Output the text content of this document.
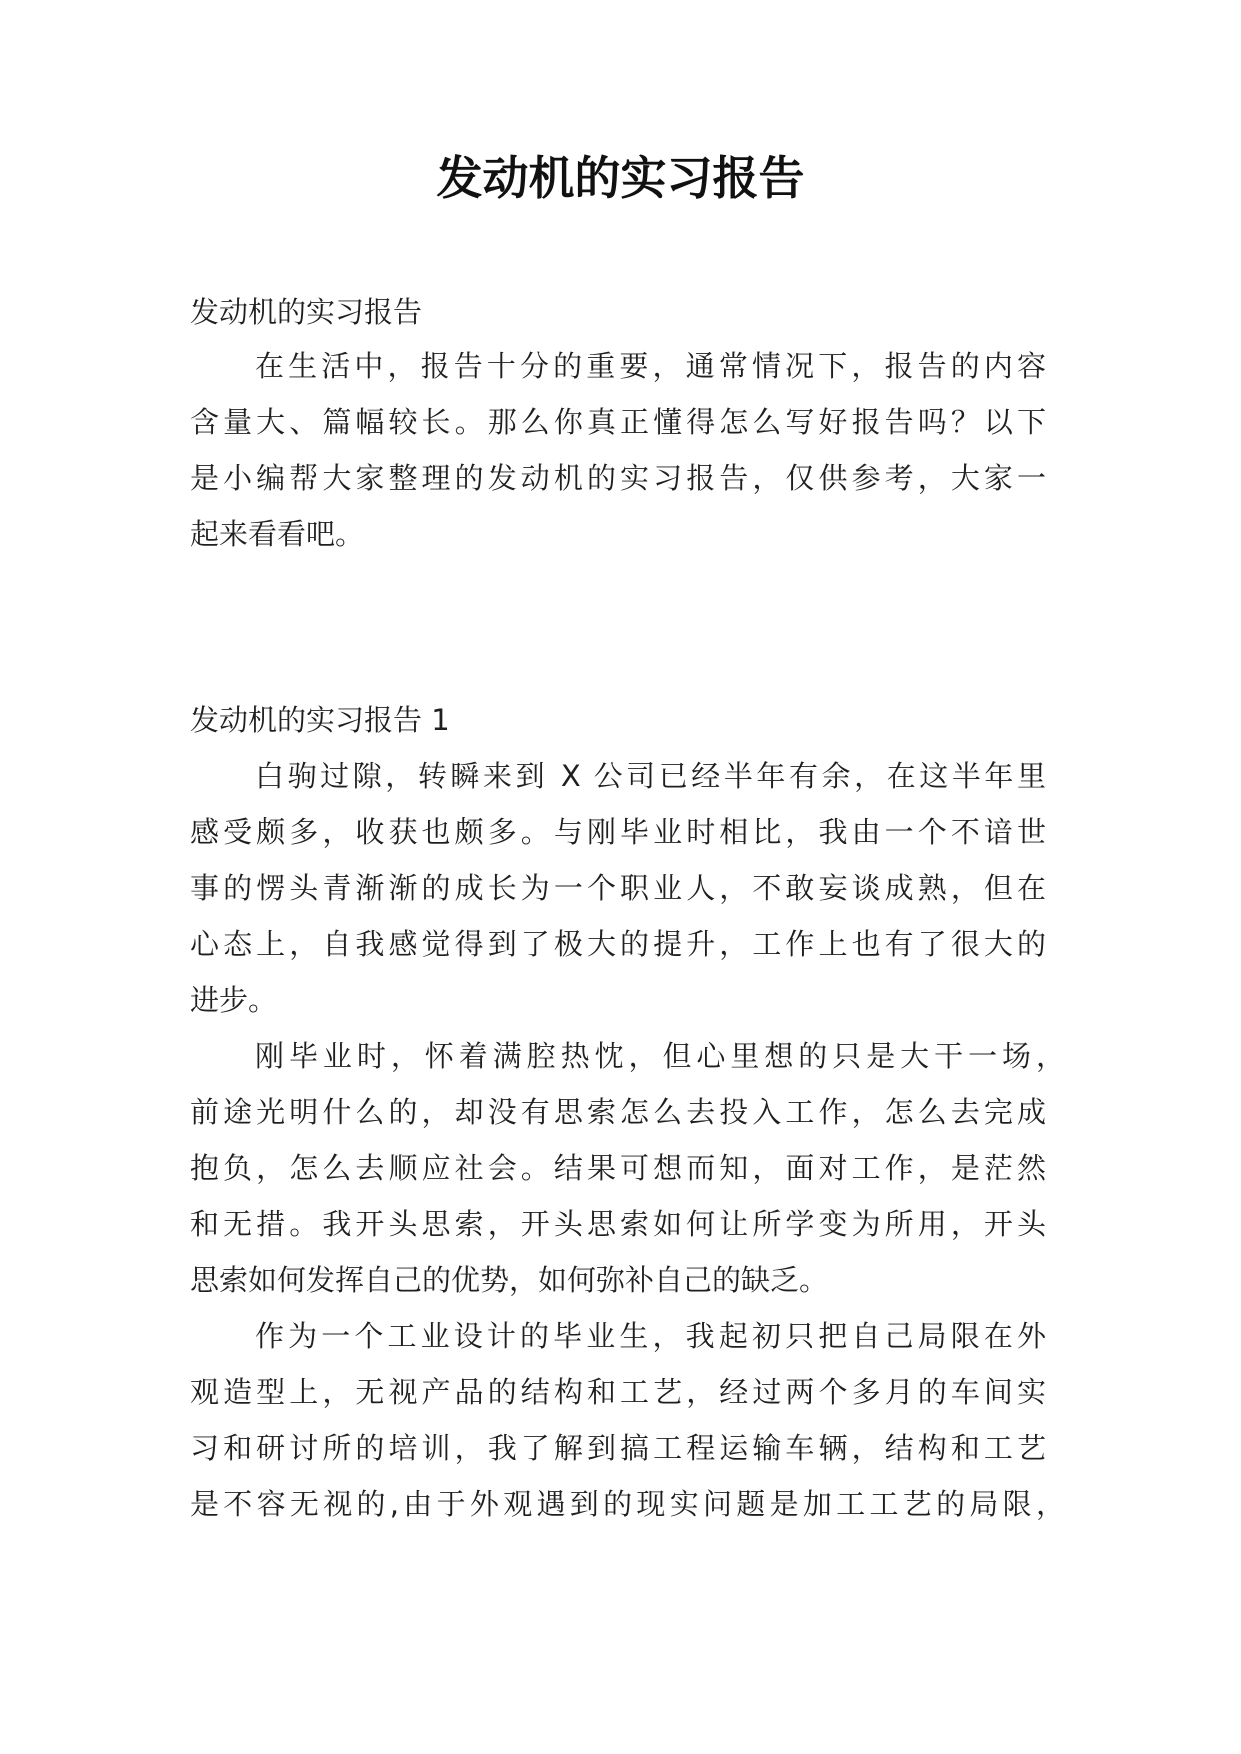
发动机的实习报告
发动机的实习报告
在生活中，报告十分的重要，通常情况下，报告的内容
含量大、篇幅较长。那么你真正懂得怎么写好报告吗？以下
是小编帮大家整理的发动机的实习报告，仅供参考，大家一
起来看看吧。
发动机的实习报告 1
白驹过隙，转瞬来到 X 公司已经半年有余，在这半年里
感受颇多，收获也颇多。与刚毕业时相比，我由一个不谙世
事的愣头青渐渐的成长为一个职业人，不敢妄谈成熟，但在
心态上，自我感觉得到了极大的提升，工作上也有了很大的
进步。
刚毕业时，怀着满腔热忱，但心里想的只是大干一场，
前途光明什么的，却没有思索怎么去投入工作，怎么去完成
抱负，怎么去顺应社会。结果可想而知，面对工作，是茫然
和无措。我开头思索，开头思索如何让所学变为所用，开头
思索如何发挥自己的优势，如何弥补自己的缺乏。
作为一个工业设计的毕业生，我起初只把自己局限在外
观造型上，无视产品的结构和工艺，经过两个多月的车间实
习和研讨所的培训，我了解到搞工程运输车辆，结构和工艺
是不容无视的,由于外观遇到的现实问题是加工工艺的局限，
